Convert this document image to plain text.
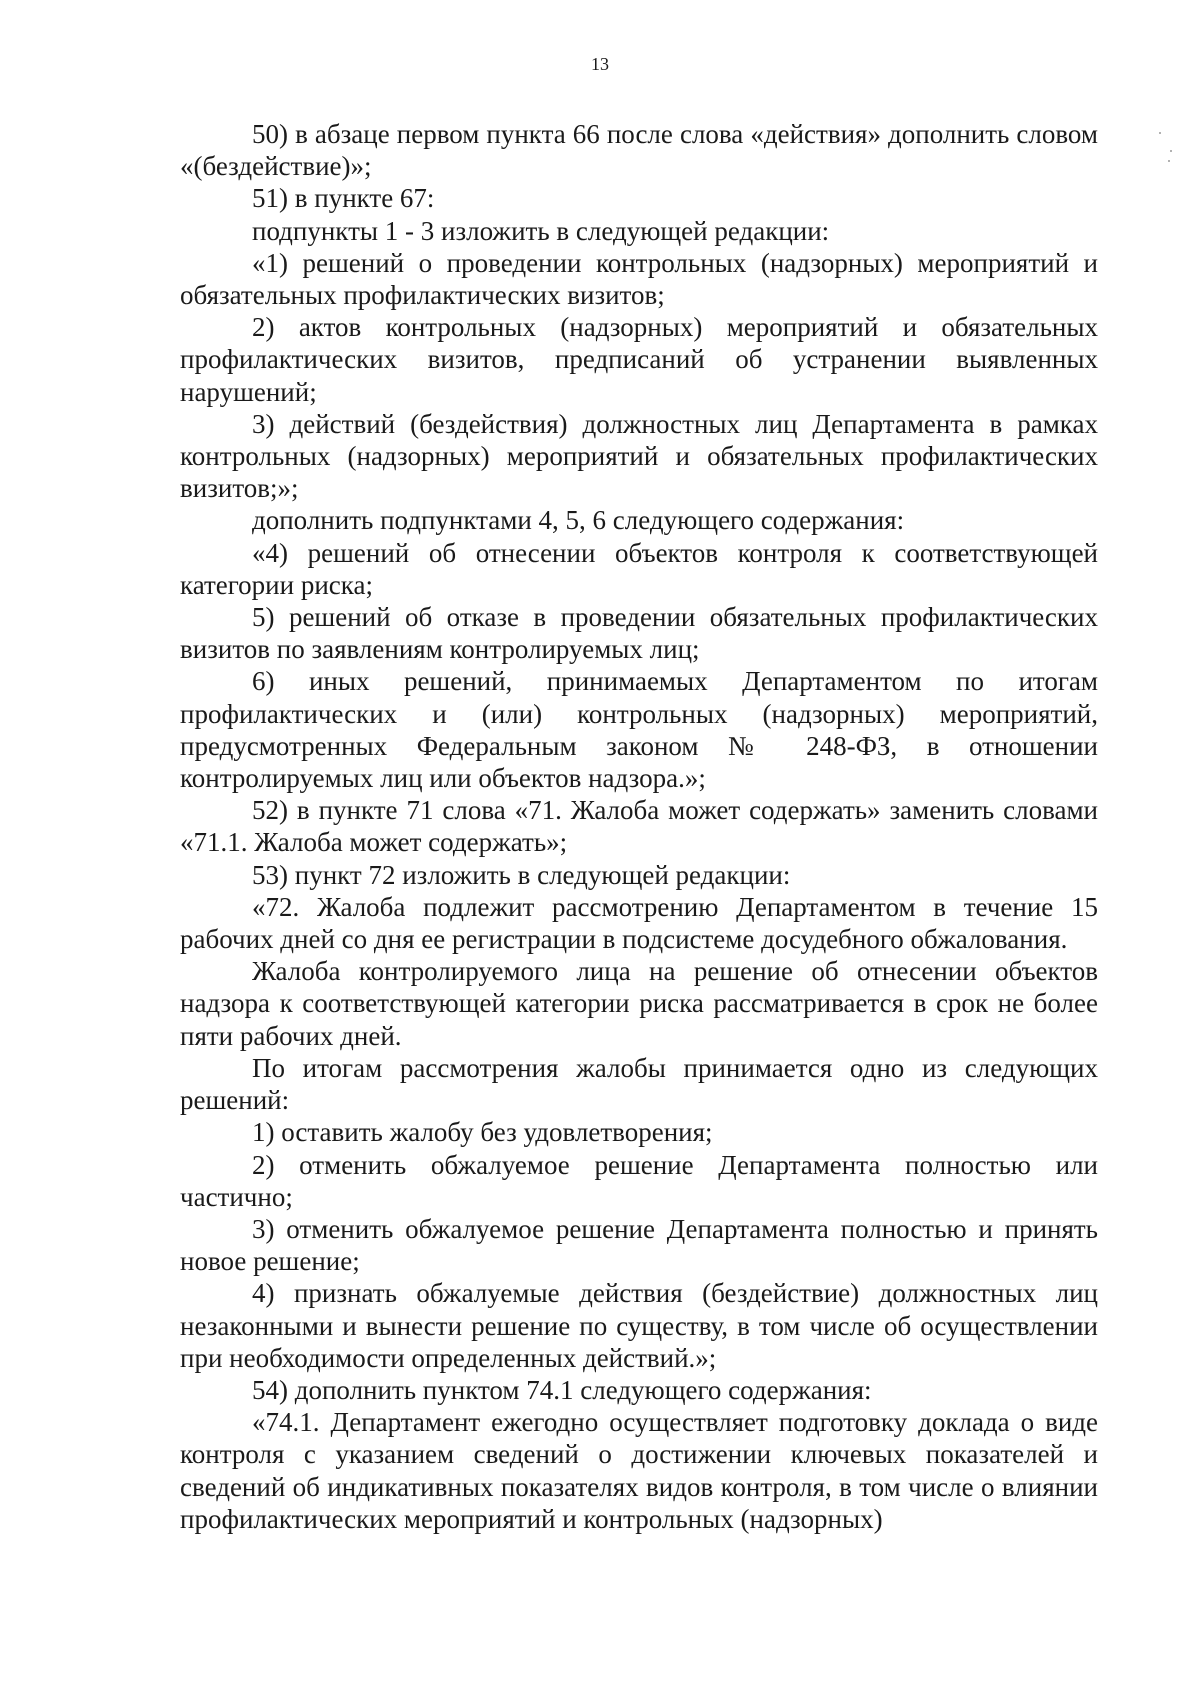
13

50) в абзаце первом пункта 66 после слова «действия» дополнить словом «(бездействие)»;

51) в пункте 67:

подпункты 1 - 3 изложить в следующей редакции:

«1) решений о проведении контрольных (надзорных) мероприятий и обязательных профилактических визитов;

2) актов контрольных (надзорных) мероприятий и обязательных профилактических визитов, предписаний об устранении выявленных нарушений;

3) действий (бездействия) должностных лиц Департамента в рамках контрольных (надзорных) мероприятий и обязательных профилактических визитов;»;

дополнить подпунктами 4, 5, 6 следующего содержания:

«4) решений об отнесении объектов контроля к соответствующей категории риска;

5) решений об отказе в проведении обязательных профилактических визитов по заявлениям контролируемых лиц;

6) иных решений, принимаемых Департаментом по итогам профилактических и (или) контрольных (надзорных) мероприятий, предусмотренных Федеральным законом № 248-ФЗ, в отношении контролируемых лиц или объектов надзора.»;

52) в пункте 71 слова «71. Жалоба может содержать» заменить словами «71.1. Жалоба может содержать»;

53) пункт 72 изложить в следующей редакции:

«72. Жалоба подлежит рассмотрению Департаментом в течение 15 рабочих дней со дня ее регистрации в подсистеме досудебного обжалования.

Жалоба контролируемого лица на решение об отнесении объектов надзора к соответствующей категории риска рассматривается в срок не более пяти рабочих дней.

По итогам рассмотрения жалобы принимается одно из следующих решений:

1) оставить жалобу без удовлетворения;

2) отменить обжалуемое решение Департамента полностью или частично;

3) отменить обжалуемое решение Департамента полностью и принять новое решение;

4) признать обжалуемые действия (бездействие) должностных лиц незаконными и вынести решение по существу, в том числе об осуществлении при необходимости определенных действий.»;

54) дополнить пунктом 74.1 следующего содержания:

«74.1. Департамент ежегодно осуществляет подготовку доклада о виде контроля с указанием сведений о достижении ключевых показателей и сведений об индикативных показателях видов контроля, в том числе о влиянии профилактических мероприятий и контрольных (надзорных)
